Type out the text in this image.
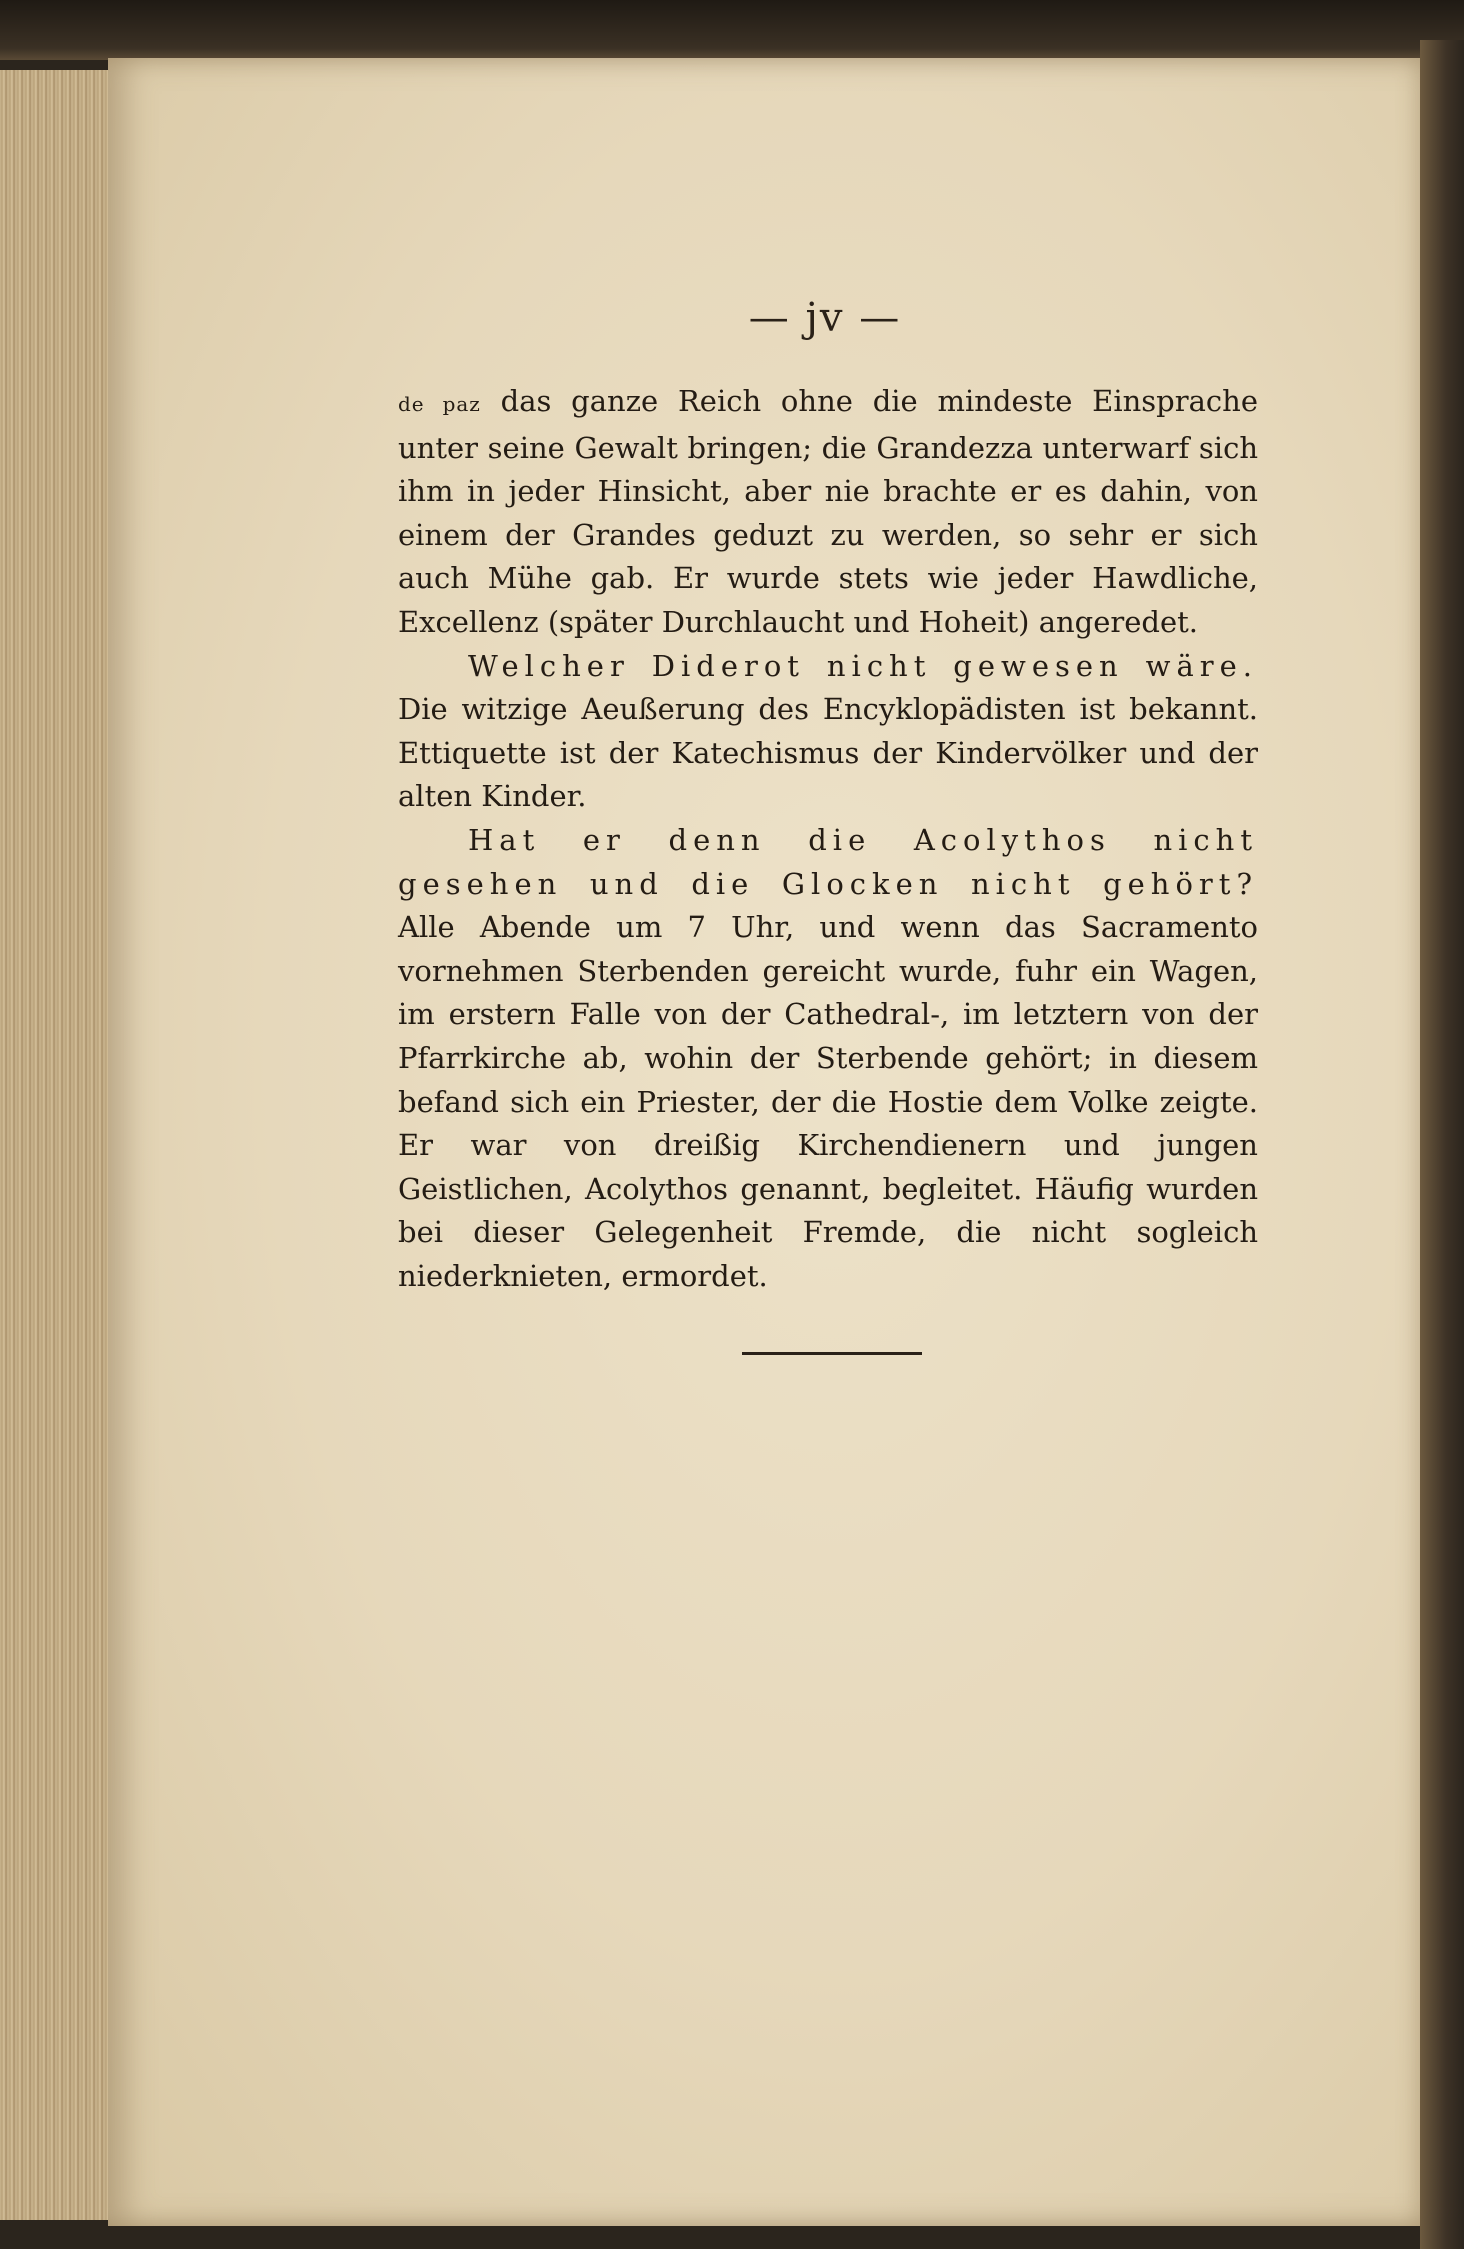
— jv —

de paz das ganze Reich ohne die mindeste Einsprache unter seine Gewalt bringen; die Grandezza unterwarf sich ihm in jeder Hinsicht, aber nie brachte er es dahin, von einem der Grandes geduzt zu werden, so sehr er sich auch Mühe gab. Er wurde stets wie jeder Hawdliche, Excellenz (später Durchlaucht und Hoheit) angeredet.

Welcher Diderot nicht gewesen wäre. Die witzige Aeußerung des Encyklopädisten ist bekannt. Ettiquette ist der Katechismus der Kindervölker und der alten Kinder.

Hat er denn die Acolythos nicht gesehen und die Glocken nicht gehört? Alle Abende um 7 Uhr, und wenn das Sacramento vornehmen Sterbenden gereicht wurde, fuhr ein Wagen, im erstern Falle von der Cathedral-, im letztern von der Pfarrkirche ab, wohin der Sterbende gehört; in diesem befand sich ein Priester, der die Hostie dem Volke zeigte. Er war von dreißig Kirchendienern und jungen Geistlichen, Acolythos genannt, begleitet. Häufig wurden bei dieser Gelegenheit Fremde, die nicht sogleich niederknieten, ermordet.
